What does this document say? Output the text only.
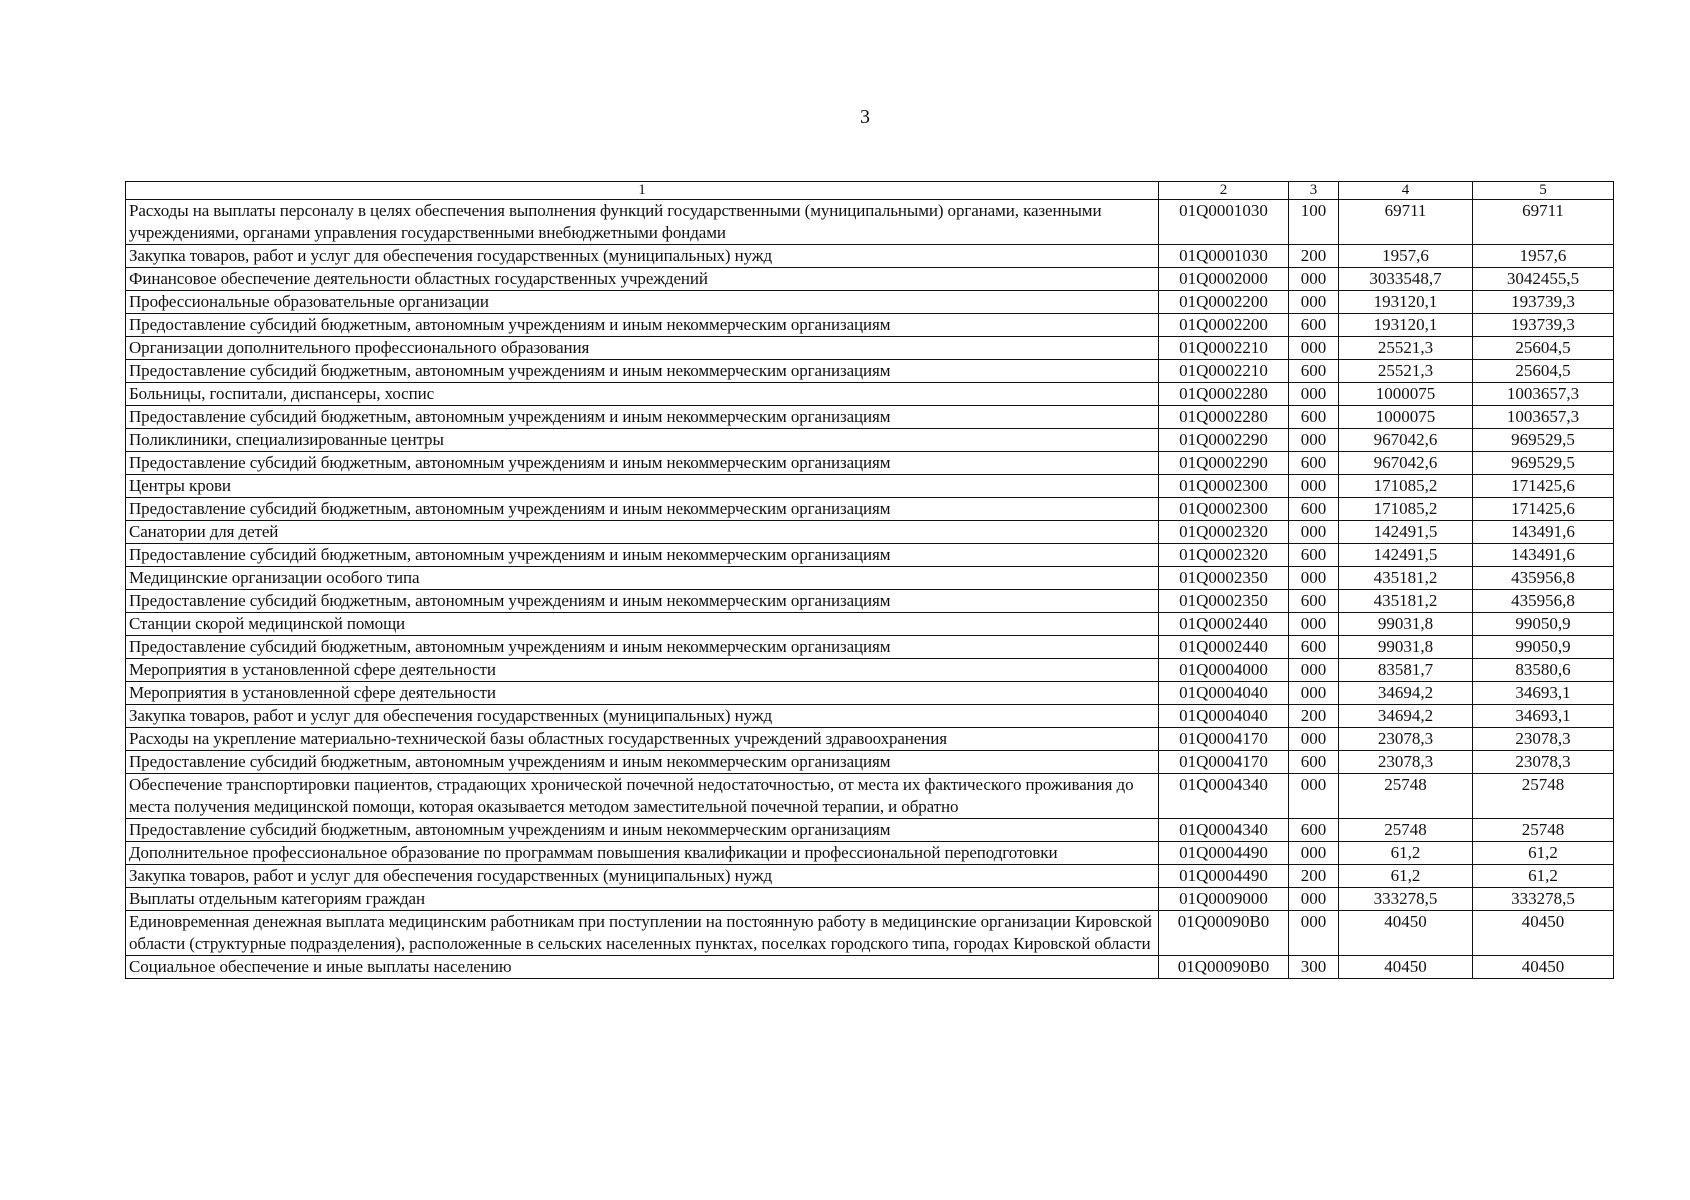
3
1	2	3	4	5
Расходы на выплаты персоналу в целях обеспечения выполнения функций государственными (муниципальными) органами, казенными учреждениями, органами управления государственными внебюджетными фондами	01Q0001030	100	69711	69711
Закупка товаров, работ и услуг для обеспечения государственных (муниципальных) нужд	01Q0001030	200	1957,6	1957,6
Финансовое обеспечение деятельности областных государственных учреждений	01Q0002000	000	3033548,7	3042455,5
Профессиональные образовательные организации	01Q0002200	000	193120,1	193739,3
Предоставление субсидий бюджетным, автономным учреждениям и иным некоммерческим организациям	01Q0002200	600	193120,1	193739,3
Организации дополнительного профессионального образования	01Q0002210	000	25521,3	25604,5
Предоставление субсидий бюджетным, автономным учреждениям и иным некоммерческим организациям	01Q0002210	600	25521,3	25604,5
Больницы, госпитали, диспансеры, хоспис	01Q0002280	000	1000075	1003657,3
Предоставление субсидий бюджетным, автономным учреждениям и иным некоммерческим организациям	01Q0002280	600	1000075	1003657,3
Поликлиники, специализированные центры	01Q0002290	000	967042,6	969529,5
Предоставление субсидий бюджетным, автономным учреждениям и иным некоммерческим организациям	01Q0002290	600	967042,6	969529,5
Центры крови	01Q0002300	000	171085,2	171425,6
Предоставление субсидий бюджетным, автономным учреждениям и иным некоммерческим организациям	01Q0002300	600	171085,2	171425,6
Санатории для детей	01Q0002320	000	142491,5	143491,6
Предоставление субсидий бюджетным, автономным учреждениям и иным некоммерческим организациям	01Q0002320	600	142491,5	143491,6
Медицинские организации особого типа	01Q0002350	000	435181,2	435956,8
Предоставление субсидий бюджетным, автономным учреждениям и иным некоммерческим организациям	01Q0002350	600	435181,2	435956,8
Станции скорой медицинской помощи	01Q0002440	000	99031,8	99050,9
Предоставление субсидий бюджетным, автономным учреждениям и иным некоммерческим организациям	01Q0002440	600	99031,8	99050,9
Мероприятия в установленной сфере деятельности	01Q0004000	000	83581,7	83580,6
Мероприятия в установленной сфере деятельности	01Q0004040	000	34694,2	34693,1
Закупка товаров, работ и услуг для обеспечения государственных (муниципальных) нужд	01Q0004040	200	34694,2	34693,1
Расходы на укрепление материально-технической базы областных государственных учреждений здравоохранения	01Q0004170	000	23078,3	23078,3
Предоставление субсидий бюджетным, автономным учреждениям и иным некоммерческим организациям	01Q0004170	600	23078,3	23078,3
Обеспечение транспортировки пациентов, страдающих хронической почечной недостаточностью, от места их фактического проживания до места получения медицинской помощи, которая оказывается методом заместительной почечной терапии, и обратно	01Q0004340	000	25748	25748
Предоставление субсидий бюджетным, автономным учреждениям и иным некоммерческим организациям	01Q0004340	600	25748	25748
Дополнительное профессиональное образование по программам повышения квалификации и профессиональной переподготовки	01Q0004490	000	61,2	61,2
Закупка товаров, работ и услуг для обеспечения государственных (муниципальных) нужд	01Q0004490	200	61,2	61,2
Выплаты отдельным категориям граждан	01Q0009000	000	333278,5	333278,5
Единовременная денежная выплата медицинским работникам при поступлении на постоянную работу в медицинские организации Кировской области (структурные подразделения), расположенные в сельских населенных пунктах, поселках городского типа, городах Кировской области	01Q00090B0	000	40450	40450
Социальное обеспечение и иные выплаты населению	01Q00090B0	300	40450	40450
